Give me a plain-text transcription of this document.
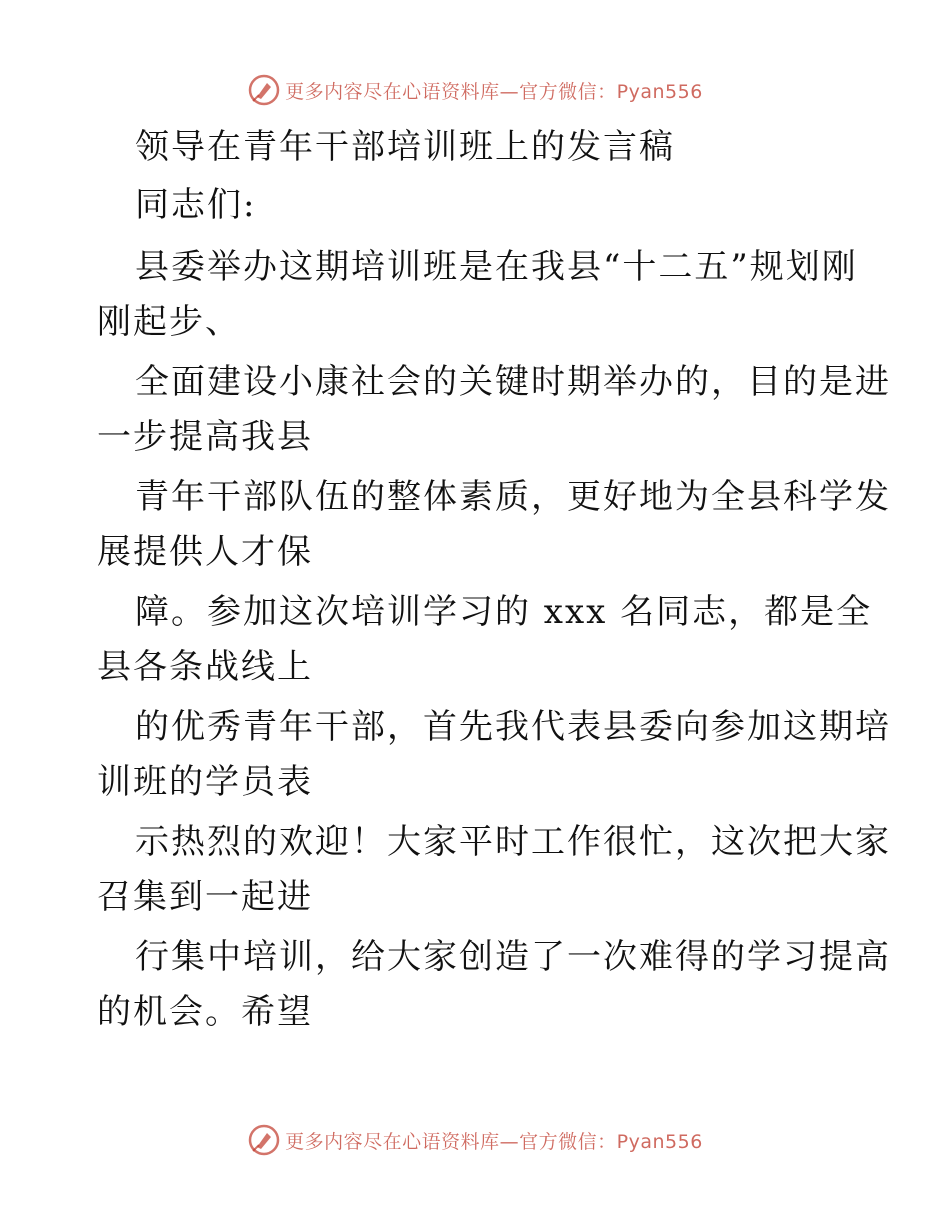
更多内容尽在心语资料库—官方微信：Pyan556
领导在青年干部培训班上的发言稿
同志们:
县委举办这期培训班是在我县“十二五”规划刚
刚起步、
全面建设小康社会的关键时期举办的，目的是进
一步提高我县
青年干部队伍的整体素质，更好地为全县科学发
展提供人才保
障。参加这次培训学习的 xxx 名同志，都是全
县各条战线上
的优秀青年干部，首先我代表县委向参加这期培
训班的学员表
示热烈的欢迎！大家平时工作很忙，这次把大家
召集到一起进
行集中培训，给大家创造了一次难得的学习提高
的机会。希望
更多内容尽在心语资料库—官方微信：Pyan556
